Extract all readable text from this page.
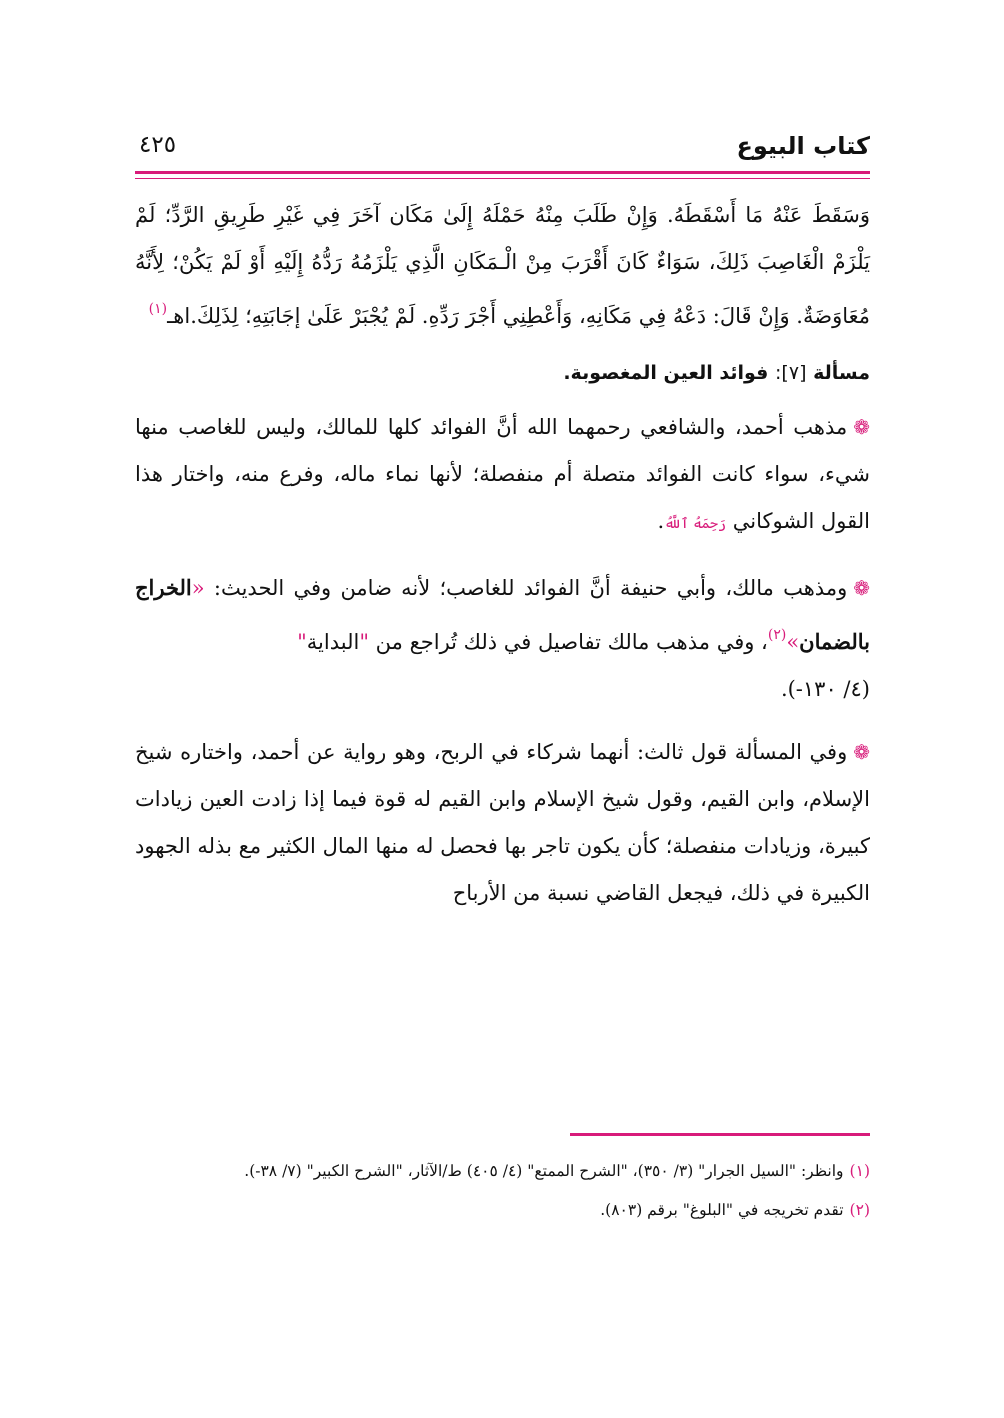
كتاب البيوع
٤٢٥

وَسَقَطَ عَنْهُ مَا أَسْقَطَهُ. وَإِنْ طَلَبَ مِنْهُ حَمْلَهُ إِلَىٰ مَكَان آخَرَ فِي غَيْرِ طَرِيقِ الرَّدِّ؛ لَمْ يَلْزَمْ الْغَاصِبَ ذَلِكَ، سَوَاءٌ كَانَ أَقْرَبَ مِنْ الْـمَكَانِ الَّذِي يَلْزَمُهُ رَدُّهُ إِلَيْهِ أَوْ لَمْ يَكُنْ؛ لِأَنَّهُ مُعَاوَضَةٌ. وَإِنْ قَالَ: دَعْهُ فِي مَكَانِهِ، وَأَعْطِنِي أَجْرَ رَدِّهِ. لَمْ يُجْبَرْ عَلَىٰ إجَابَتِهِ؛ لِذَلِكَ.اهـ$^{(١)}$

مسألة [٧]: فوائد العين المغصوبة.

❁مذهب أحمد، والشافعي رحمهما الله أنَّ الفوائد كلها للمالك، وليس للغاصب منها شيء، سواء كانت الفوائد متصلة أم منفصلة؛ لأنها نماء ماله، وفرع منه، واختار هذا القول الشوكاني رَحِمَهُ ٱللَّهُ.

❁ومذهب مالك، وأبي حنيفة أنَّ الفوائد للغاصب؛ لأنه ضامن وفي الحديث: «الخراج بالضمان»$^{(٢)}$، وفي مذهب مالك تفاصيل في ذلك تُراجع من "البداية"
(٤/ ١٣٠-).

❁وفي المسألة قول ثالث: أنهما شركاء في الربح، وهو رواية عن أحمد، واختاره شيخ الإسلام، وابن القيم، وقول شيخ الإسلام وابن القيم له قوة فيما إذا زادت العين زيادات كبيرة، وزيادات منفصلة؛ كأن يكون تاجر بها فحصل له منها المال الكثير مع بذله الجهود الكبيرة في ذلك، فيجعل القاضي نسبة من الأرباح

(١)وانظر: "السيل الجرار" (٣/ ٣٥٠)، "الشرح الممتع" (٤/ ٤٠٥) ط/الآثار، "الشرح الكبير" (٧/ ٣٨-).

(٢)تقدم تخريجه في "البلوغ" برقم (٨٠٣).
